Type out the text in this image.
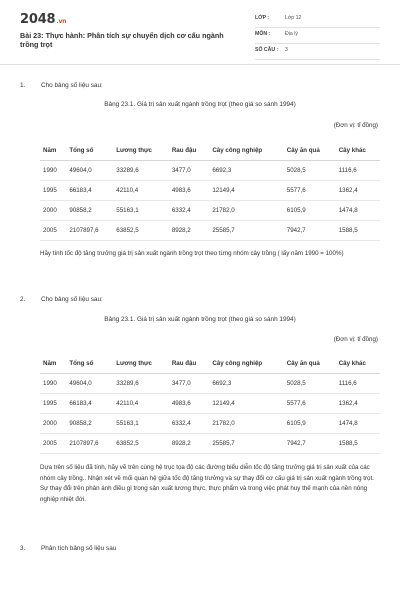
2048.vn
Bài 23: Thực hành: Phân tích sự chuyển dịch cơ cấu ngành trồng trọt
LỚP :	Lớp 12
MÔN :	Địa lý
SỐ CÂU : 3
1. Cho bảng số liệu sau:
Bảng 23.1. Giá trị sản xuất ngành trồng trọt (theo giá so sánh 1994)
(Đơn vị: tỉ đồng)
Năm	Tổng số	Lương thực	Rau đậu	Cây công nghiệp	Cây ăn quả	Cây khác
1990	49604,0	33289,6	3477,0	6692,3	5028,5	1116,6
1995	66183,4	42110,4	4983,6	12149,4	5577,6	1362,4
2000	90858,2	55163,1	6332,4	21782,0	6105,9	1474,8
2005	2107897,6	63852,5	8928,2	25585,7	7942,7	1588,5
Hãy tính tốc độ tăng trưởng giá trị sản xuất ngành trồng trọt theo từng nhóm cây trồng ( lấy năm 1990 = 100%)
2. Cho bảng số liệu sau:
Bảng 23.1. Giá trị sản xuất ngành trồng trọt (theo giá so sánh 1994)
(Đơn vị: tỉ đồng)
Năm	Tổng số	Lương thực	Rau đậu	Cây công nghiệp	Cây ăn quả	Cây khác
1990	49604,0	33289,6	3477,0	6692,3	5028,5	1116,6
1995	66183,4	42110,4	4983,6	12149,4	5577,6	1362,4
2000	90858,2	55163,1	6332,4	21782,0	6105,9	1474,8
2005	2107897,6	63852,5	8928,2	25585,7	7942,7	1588,5
Dựa trên số liệu đã tính, hãy vẽ trên cùng hệ trục tọa độ các đường biểu diễn tốc độ tăng trưởng giá trị sản xuất của các nhóm cây trồng.. Nhận xét về mối quan hệ giữa tốc độ tăng trưởng và sự thay đổi cơ cấu giá trị sản xuất ngành trồng trọt. Sự thay đổi trên phản ánh điều gì trong sản xuất lương thực, thực phẩm và trong việc phát huy thế mạnh của nền nông nghiệp nhiệt đới.
3. Phân tích bảng số liệu sau
